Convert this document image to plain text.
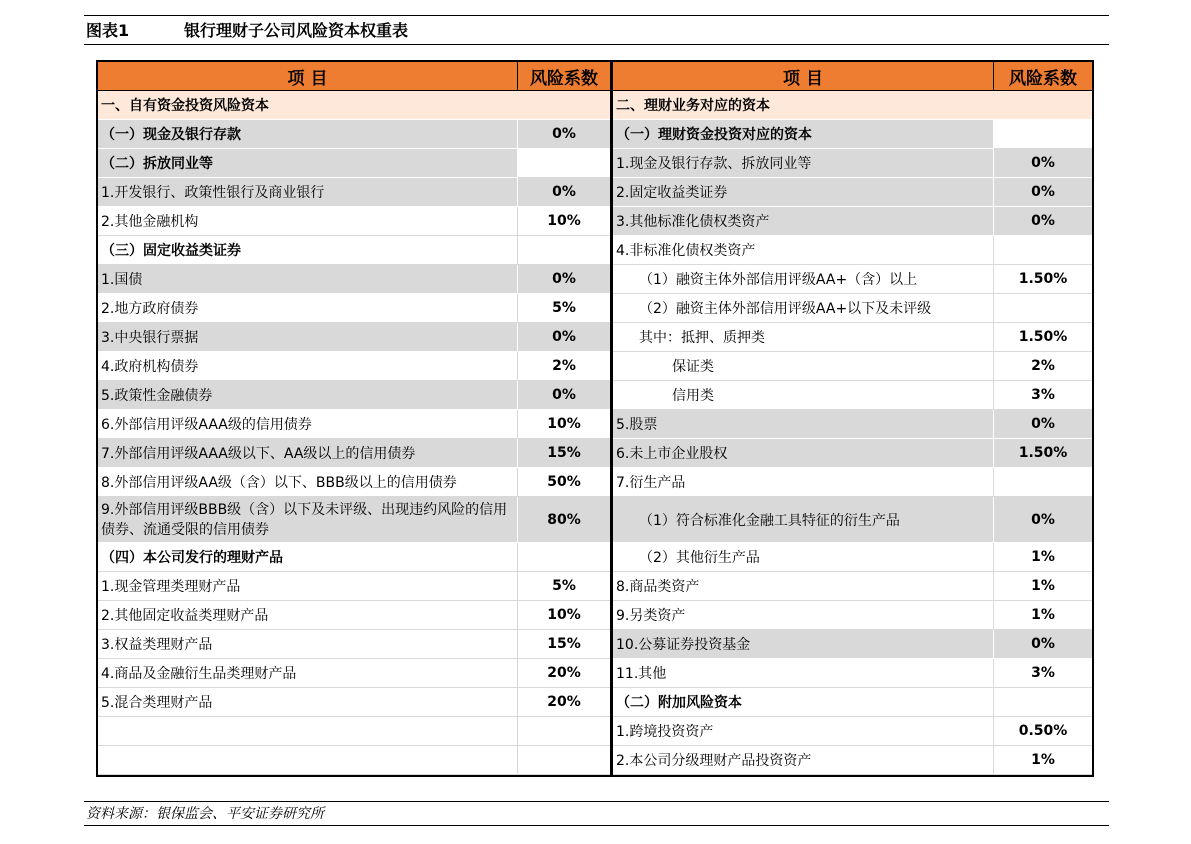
图表1	银行理财子公司风险资本权重表
项 目	风险系数
一、自有资金投资风险资本
（一）现金及银行存款	0%
（二）拆放同业等
1.开发银行、政策性银行及商业银行	0%
2.其他金融机构	10%
（三）固定收益类证券
1.国债	0%
2.地方政府债券	5%
3.中央银行票据	0%
4.政府机构债券	2%
5.政策性金融债券	0%
6.外部信用评级AAA级的信用债券	10%
7.外部信用评级AAA级以下、AA级以上的信用债券	15%
8.外部信用评级AA级（含）以下、BBB级以上的信用债券	50%
9.外部信用评级BBB级（含）以下及未评级、出现违约风险的信用债券、流通受限的信用债券
80%
（四）本公司发行的理财产品
1.现金管理类理财产品	5%
2.其他固定收益类理财产品	10%
3.权益类理财产品	15%
4.商品及金融衍生品类理财产品	20%
5.混合类理财产品	20%
项 目	风险系数
二、理财业务对应的资本
（一）理财资金投资对应的资本
1.现金及银行存款、拆放同业等	0%
2.固定收益类证券	0%
3.其他标准化债权类资产	0%
4.非标准化债权类资产
（1）融资主体外部信用评级AA+（含）以上	1.50%
（2）融资主体外部信用评级AA+以下及未评级
其中：抵押、质押类	1.50%
保证类	2%
信用类	3%
5.股票	0%
6.未上市企业股权	1.50%
7.衍生产品
（1）符合标准化金融工具特征的衍生产品	0%
（2）其他衍生产品	1%
8.商品类资产	1%
9.另类资产	1%
10.公募证券投资基金	0%
11.其他	3%
（二）附加风险资本
1.跨境投资资产	0.50%
2.本公司分级理财产品投资资产	1%
资料来源：银保监会、平安证券研究所
